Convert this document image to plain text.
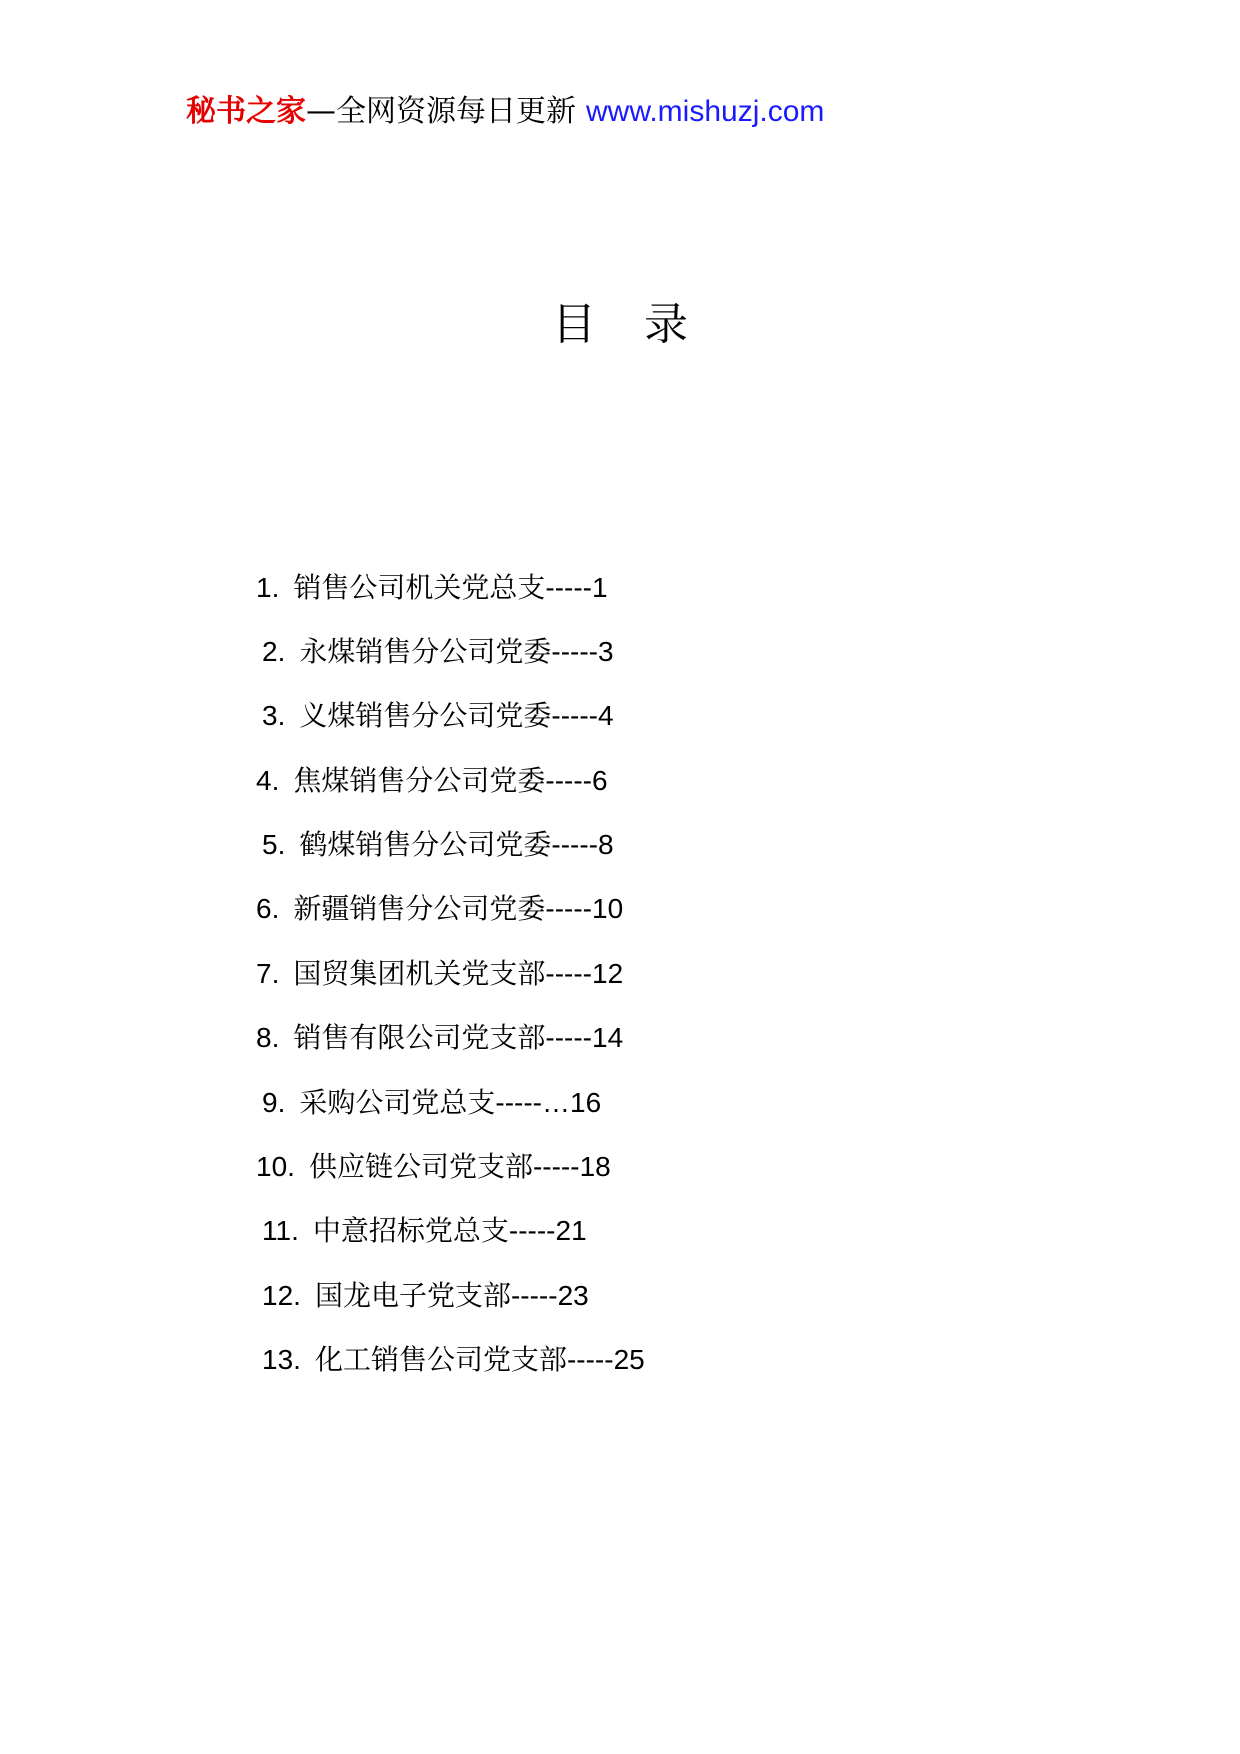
秘书之家—全网资源每日更新 www.mishuzj.com
目 录
1. 销售公司机关党总支-----1
2. 永煤销售分公司党委-----3
3. 义煤销售分公司党委-----4
4. 焦煤销售分公司党委-----6
5. 鹤煤销售分公司党委-----8
6. 新疆销售分公司党委-----10
7. 国贸集团机关党支部-----12
8. 销售有限公司党支部-----14
9. 采购公司党总支-----…16
10. 供应链公司党支部-----18
11. 中意招标党总支-----21
12. 国龙电子党支部-----23
13. 化工销售公司党支部-----25
